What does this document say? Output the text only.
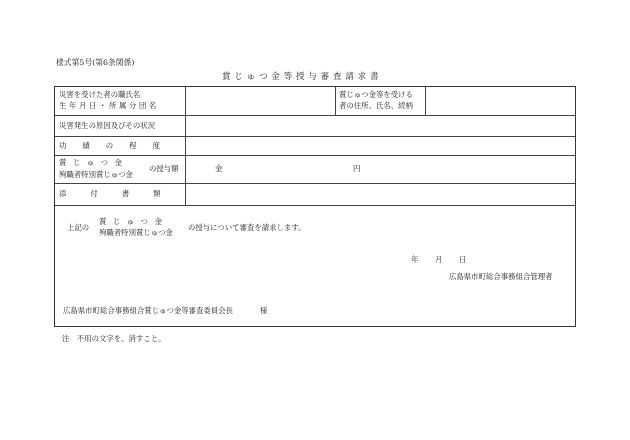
様式第5号(第6条関係)
賞 じ ゅ つ 金 等 授 与 審 査 請 求 書
災害を受けた者の職氏名
生年月日・所属分団名
賞じゅつ金等を受ける
者の住所、氏名、続柄
災害発生の原因及びその状況
功績の程度
賞じゅつ金
殉職者特別賞じゅつ金
の授与額	金	円
添付書類
上記の
賞じゅつ金
殉職者特別賞じゅつ金
の授与について審査を請求します。
年 月 日
広島県市町総合事務組合管理者
広島県市町総合事務組合賞じゅつ金等審査委員会長	様
注　不用の文字を、消すこと。
